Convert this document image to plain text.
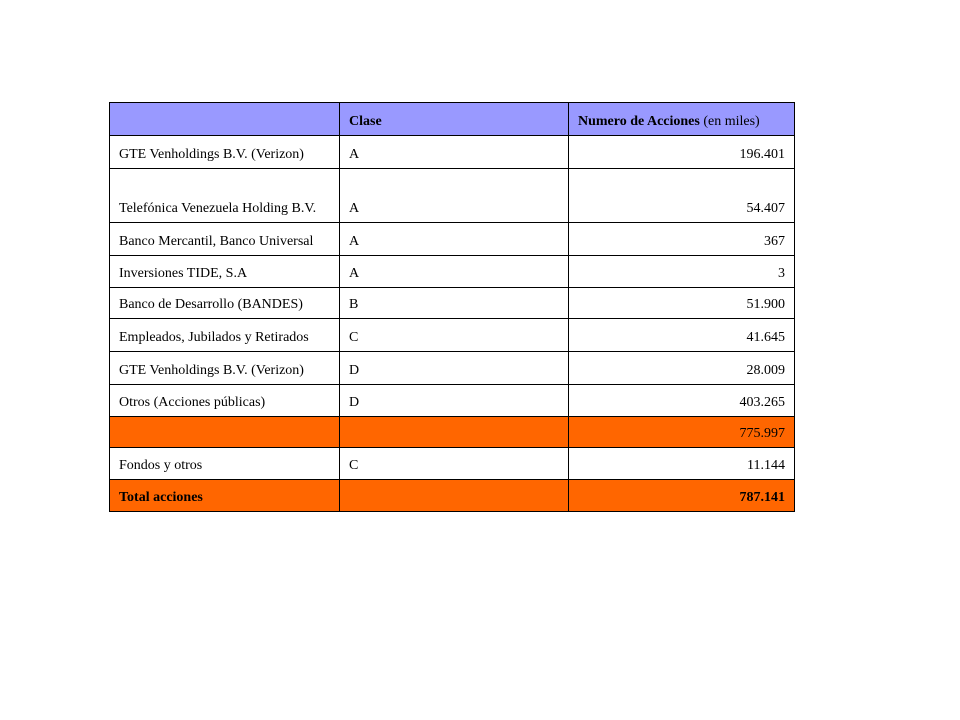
	Clase	Numero de Acciones (en miles)
GTE Venholdings B.V. (Verizon)	A	196.401
Telefónica Venezuela Holding B.V.	A	54.407
Banco Mercantil, Banco Universal	A	367
Inversiones TIDE, S.A	A	3
Banco de Desarrollo (BANDES)	B	51.900
Empleados, Jubilados y Retirados	C	41.645
GTE Venholdings B.V. (Verizon)	D	28.009
Otros (Acciones públicas)	D	403.265
		775.997
Fondos y otros	C	11.144
Total acciones		787.141
